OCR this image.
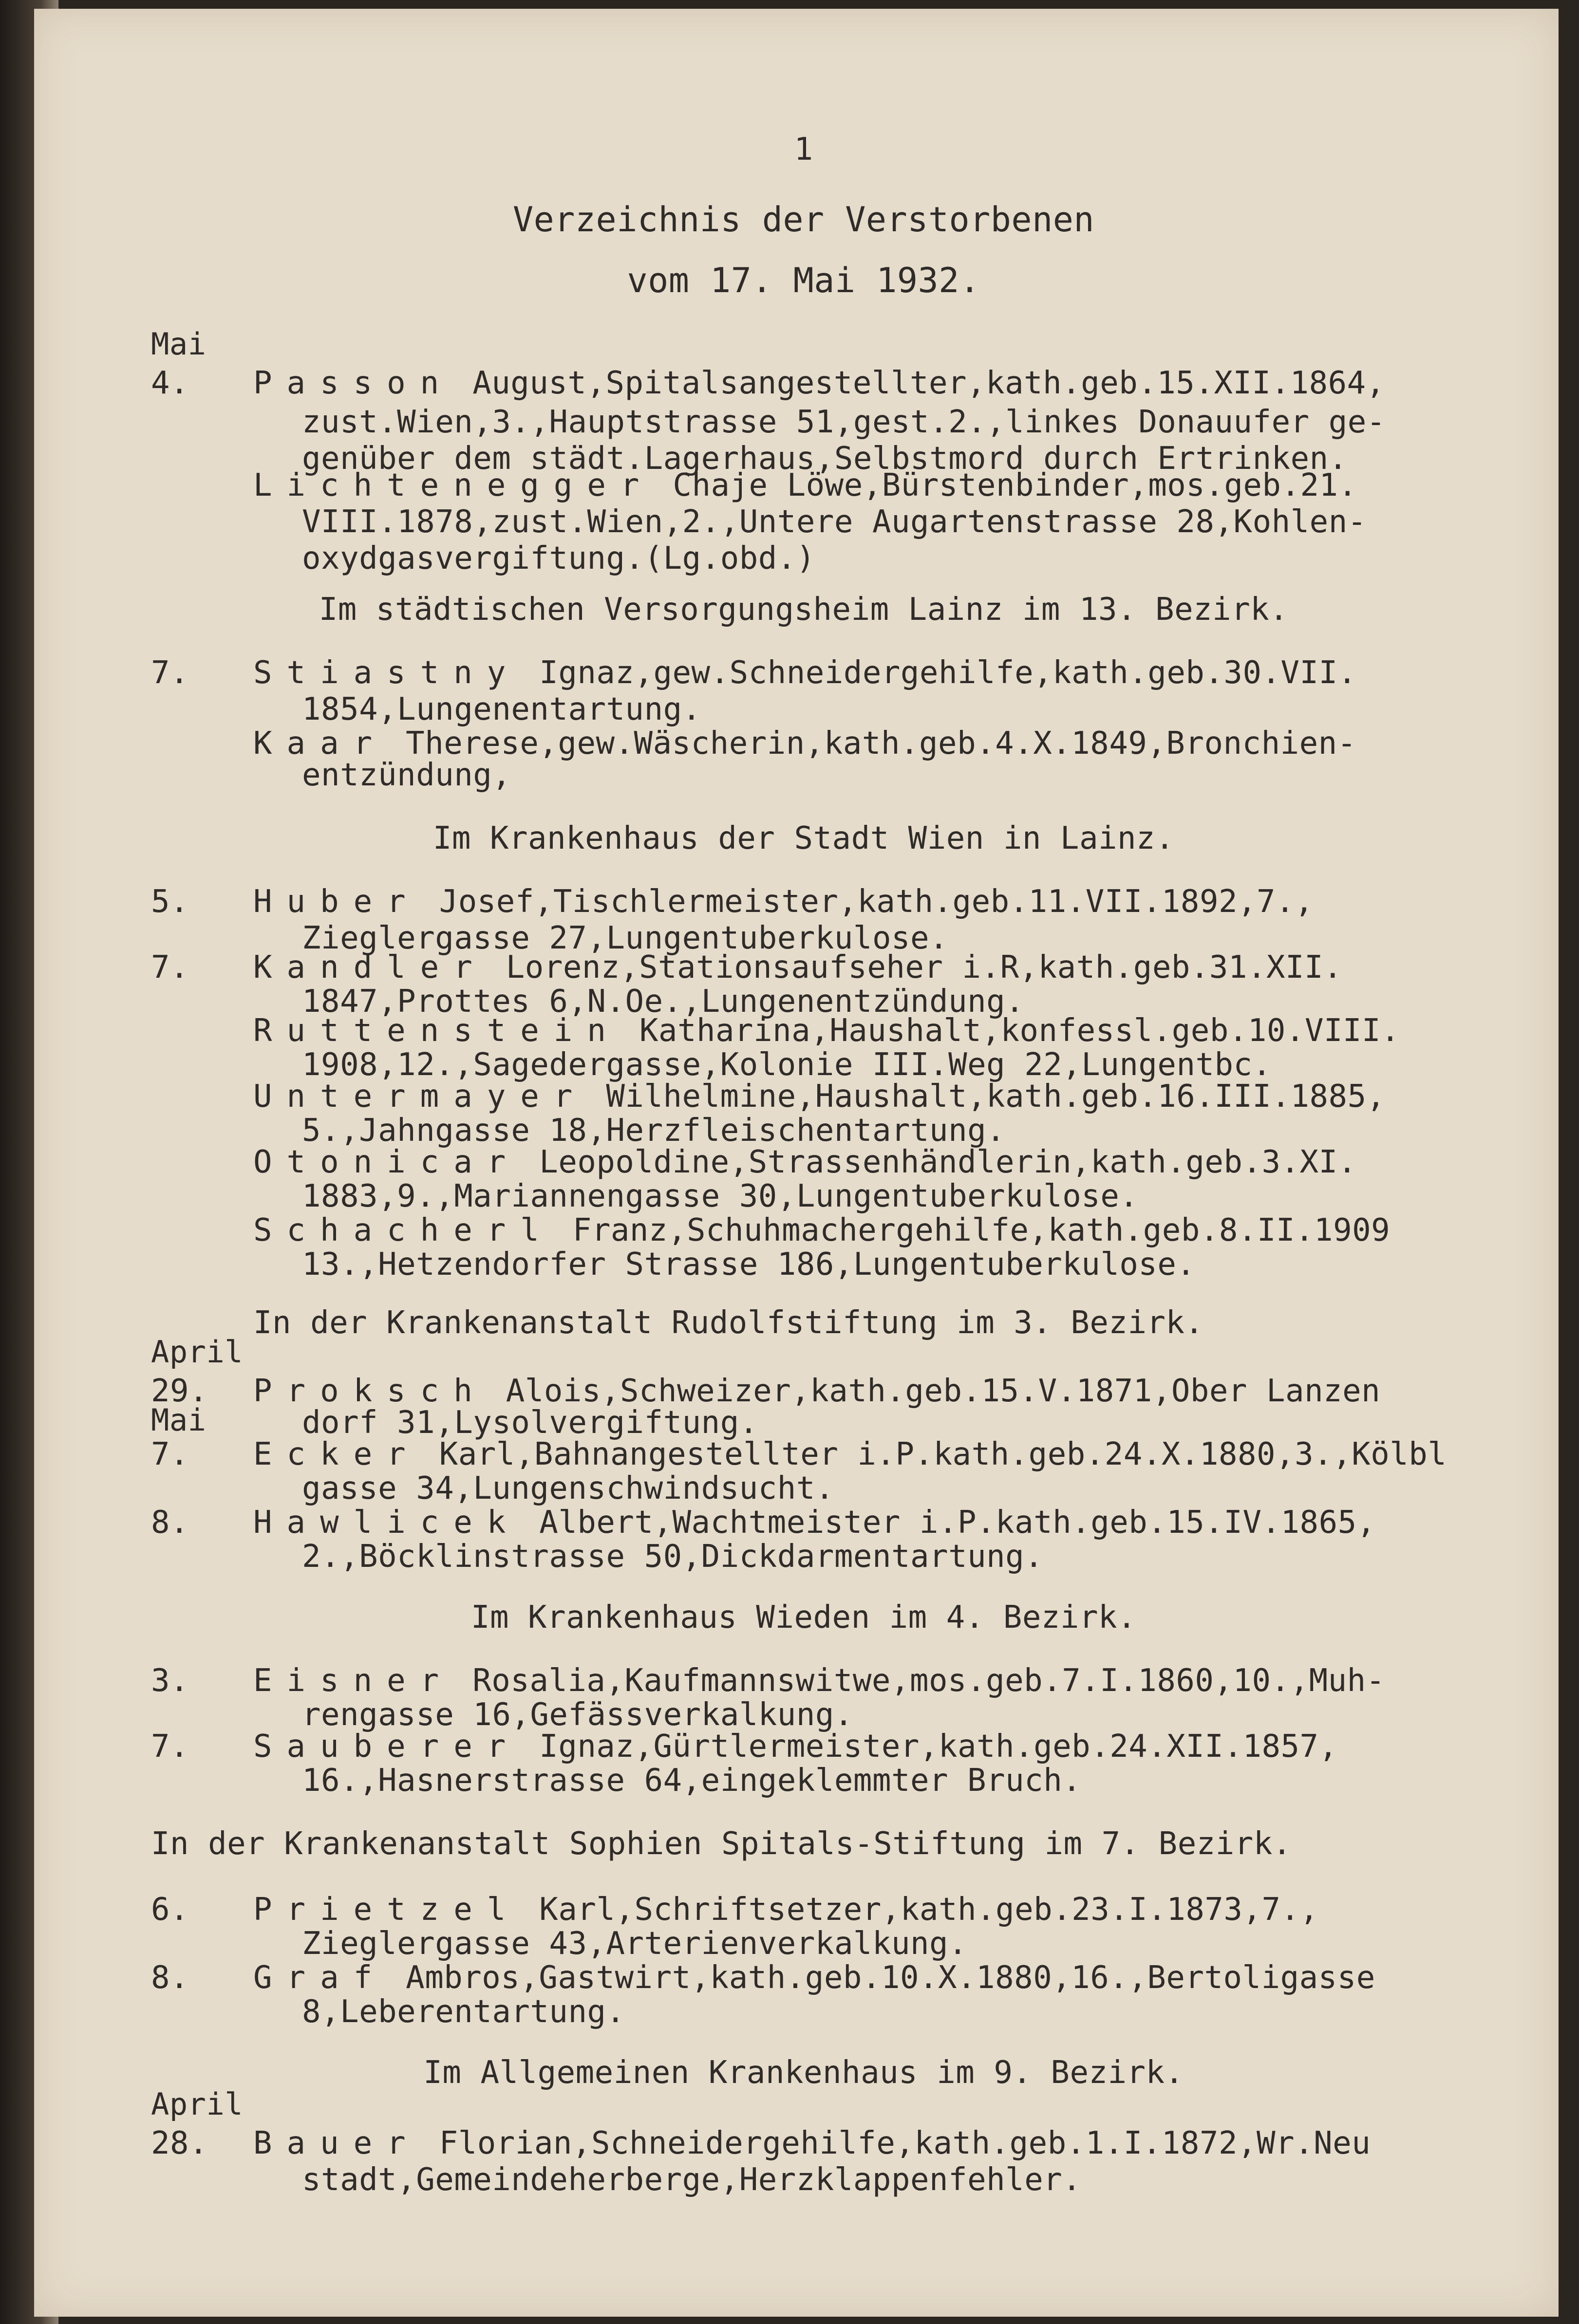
1
Verzeichnis der Verstorbenen
vom 17. Mai 1932.
Mai
4. Passon August,Spitalsangestellter,kath.geb.15.XII.1864,
zust.Wien,3.,Hauptstrasse 51,gest.2.,linkes Donauufer ge-
genüber dem städt.Lagerhaus,Selbstmord durch Ertrinken.
Lichtenegger Chaje Löwe,Bürstenbinder,mos.geb.21.
VIII.1878,zust.Wien,2.,Untere Augartenstrasse 28,Kohlen-
oxydgasvergiftung.(Lg.obd.)
Im städtischen Versorgungsheim Lainz im 13. Bezirk.
7. Stiastny Ignaz,gew.Schneidergehilfe,kath.geb.30.VII.
1854,Lungenentartung.
Kaar Therese,gew.Wäscherin,kath.geb.4.X.1849,Bronchien-
entzündung,
Im Krankenhaus der Stadt Wien in Lainz.
5. Huber Josef,Tischlermeister,kath.geb.11.VII.1892,7.,
Zieglergasse 27,Lungentuberkulose.
7. Kandler Lorenz,Stationsaufseher i.R,kath.geb.31.XII.
1847,Prottes 6,N.Oe.,Lungenentzündung.
Ruttenstein Katharina,Haushalt,konfessl.geb.10.VIII.
1908,12.,Sagedergasse,Kolonie III.Weg 22,Lungentbc.
Untermayer Wilhelmine,Haushalt,kath.geb.16.III.1885,
5.,Jahngasse 18,Herzfleischentartung.
Otonicar Leopoldine,Strassenhändlerin,kath.geb.3.XI.
1883,9.,Mariannengasse 30,Lungentuberkulose.
Schacherl Franz,Schuhmachergehilfe,kath.geb.8.II.1909
13.,Hetzendorfer Strasse 186,Lungentuberkulose.
In der Krankenanstalt Rudolfstiftung im 3. Bezirk.
April
29. Proksch Alois,Schweizer,kath.geb.15.V.1871,Ober Lanzen
Mai	dorf 31,Lysolvergiftung.
7. Ecker Karl,Bahnangestellter i.P.kath.geb.24.X.1880,3.,Kölbl
gasse 34,Lungenschwindsucht.
8. Hawlicek Albert,Wachtmeister i.P.kath.geb.15.IV.1865,
2.,Böcklinstrasse 50,Dickdarmentartung.
Im Krankenhaus Wieden im 4. Bezirk.
3. Eisner Rosalia,Kaufmannswitwe,mos.geb.7.I.1860,10.,Muh-
rengasse 16,Gefässverkalkung.
7. Sauberer Ignaz,Gürtlermeister,kath.geb.24.XII.1857,
16.,Hasnerstrasse 64,eingeklemmter Bruch.
In der Krankenanstalt Sophien Spitals-Stiftung im 7. Bezirk.
6. Prietzel Karl,Schriftsetzer,kath.geb.23.I.1873,7.,
Zieglergasse 43,Arterienverkalkung.
8. Graf Ambros,Gastwirt,kath.geb.10.X.1880,16.,Bertoligasse
8,Leberentartung.
Im Allgemeinen Krankenhaus im 9. Bezirk.
April
28. Bauer Florian,Schneidergehilfe,kath.geb.1.I.1872,Wr.Neu
stadt,Gemeindeherberge,Herzklappenfehler.
